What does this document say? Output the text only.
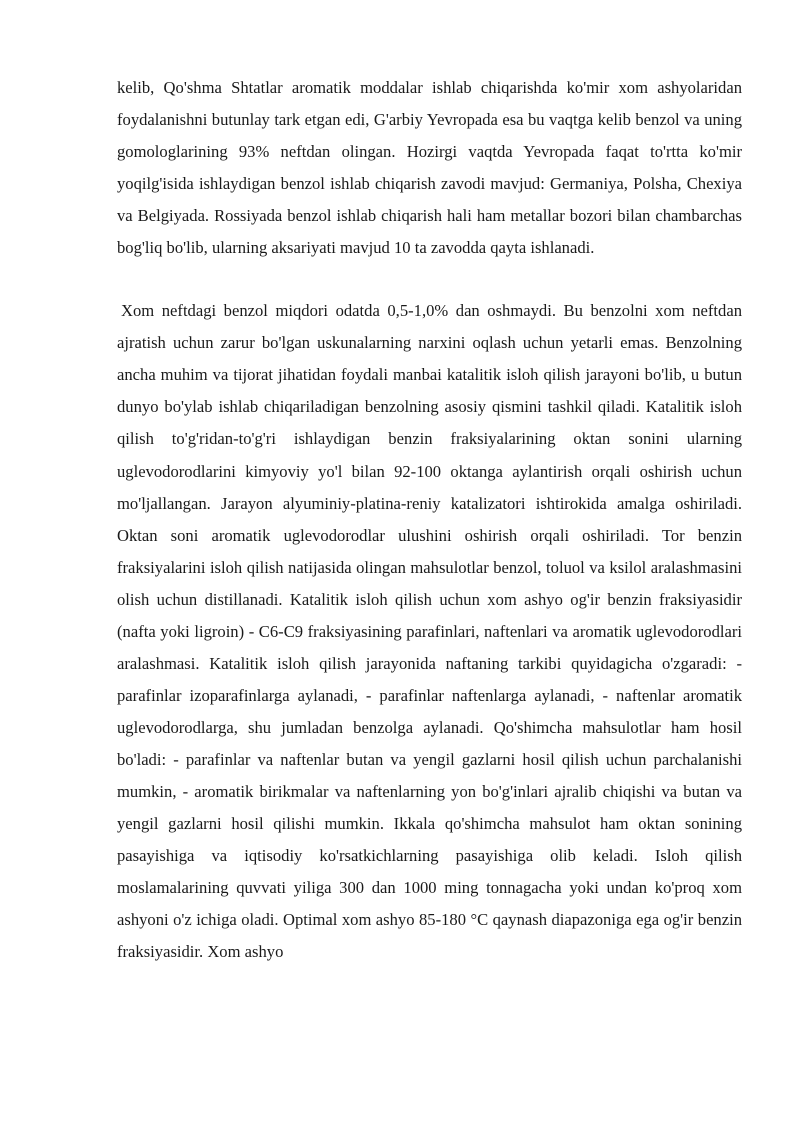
kelib, Qo'shma Shtatlar aromatik moddalar ishlab chiqarishda ko'mir xom ashyolaridan foydalanishni butunlay tark etgan edi, G'arbiy Yevropada esa bu vaqtga kelib benzol va uning gomologlarining 93% neftdan olingan. Hozirgi vaqtda Yevropada faqat to'rtta ko'mir yoqilg'isida ishlaydigan benzol ishlab chiqarish zavodi mavjud: Germaniya, Polsha, Chexiya va Belgiyada. Rossiyada benzol ishlab chiqarish hali ham metallar bozori bilan chambarchas bog'liq bo'lib, ularning aksariyati mavjud 10 ta zavodda qayta ishlanadi.

Xom neftdagi benzol miqdori odatda 0,5-1,0% dan oshmaydi. Bu benzolni xom neftdan ajratish uchun zarur bo'lgan uskunalarning narxini oqlash uchun yetarli emas. Benzolning ancha muhim va tijorat jihatidan foydali manbai katalitik isloh qilish jarayoni bo'lib, u butun dunyo bo'ylab ishlab chiqariladigan benzolning asosiy qismini tashkil qiladi. Katalitik isloh qilish to'g'ridan-to'g'ri ishlaydigan benzin fraksiyalarining oktan sonini ularning uglevodorodlarini kimyoviy yo'l bilan 92-100 oktanga aylantirish orqali oshirish uchun mo'ljallangan. Jarayon alyuminiy-platina-reniy katalizatori ishtirokida amalga oshiriladi. Oktan soni aromatik uglevodorodlar ulushini oshirish orqali oshiriladi. Tor benzin fraksiyalarini isloh qilish natijasida olingan mahsulotlar benzol, toluol va ksilol aralashmasini olish uchun distillanadi. Katalitik isloh qilish uchun xom ashyo og'ir benzin fraksiyasidir (nafta yoki ligroin) - C6-C9 fraksiyasining parafinlari, naftenlari va aromatik uglevodorodlari aralashmasi. Katalitik isloh qilish jarayonida naftaning tarkibi quyidagicha o'zgaradi: - parafinlar izoparafinlarga aylanadi, - parafinlar naftenlarga aylanadi, - naftenlar aromatik uglevodorodlarga, shu jumladan benzolga aylanadi. Qo'shimcha mahsulotlar ham hosil bo'ladi: - parafinlar va naftenlar butan va yengil gazlarni hosil qilish uchun parchalanishi mumkin, - aromatik birikmalar va naftenlarning yon bo'g'inlari ajralib chiqishi va butan va yengil gazlarni hosil qilishi mumkin. Ikkala qo'shimcha mahsulot ham oktan sonining pasayishiga va iqtisodiy ko'rsatkichlarning pasayishiga olib keladi. Isloh qilish moslamalarining quvvati yiliga 300 dan 1000 ming tonnagacha yoki undan ko'proq xom ashyoni o'z ichiga oladi. Optimal xom ashyo 85-180 °C qaynash diapazoniga ega og'ir benzin fraksiyasidir. Xom ashyo
